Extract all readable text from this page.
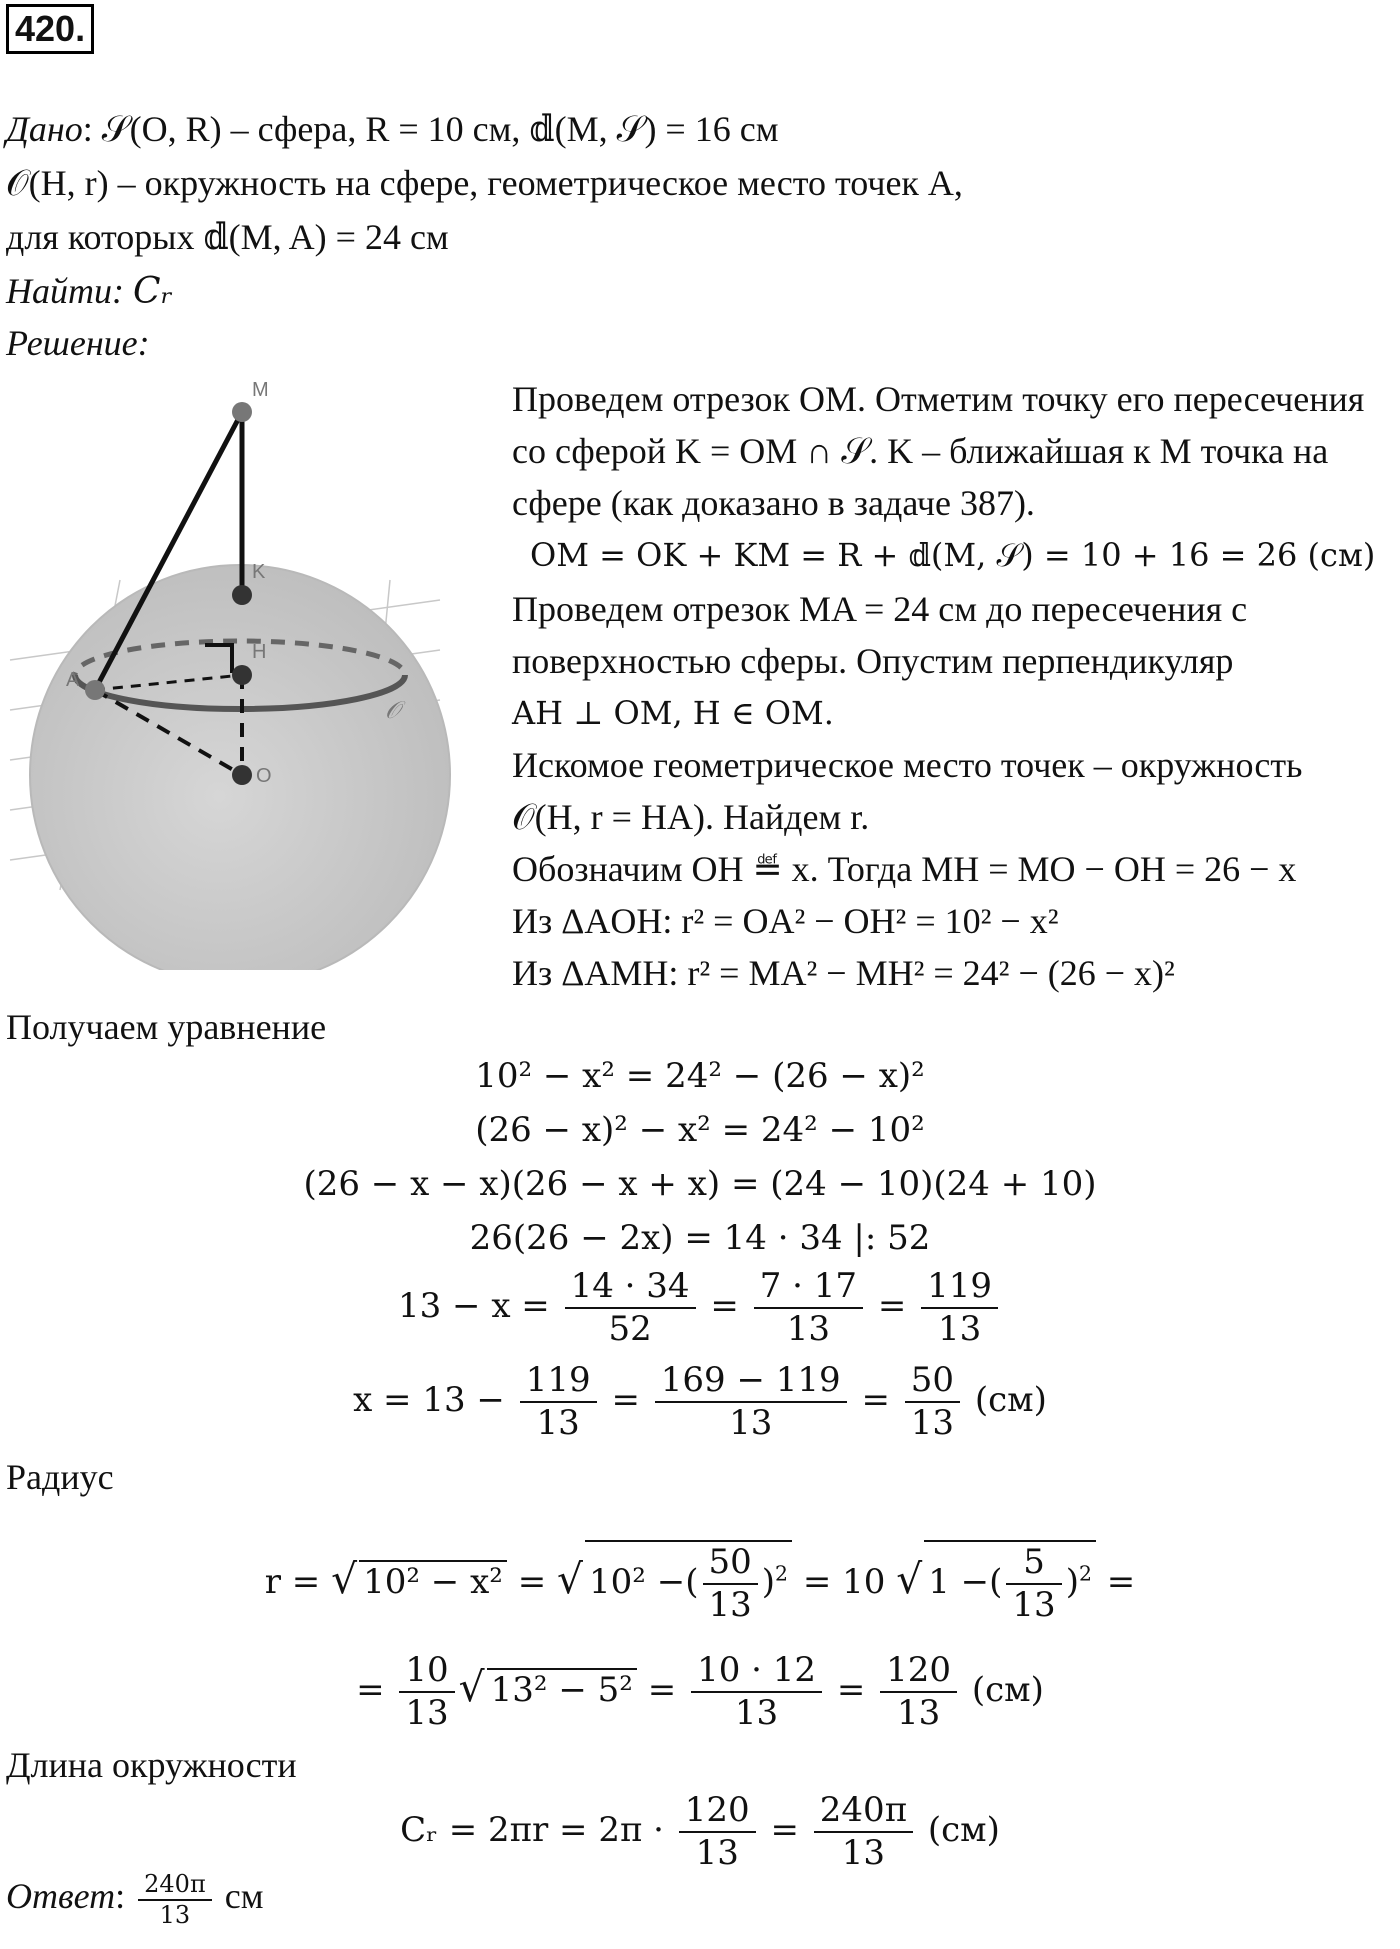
420.
Дано: 𝒮(O, R) – сфера, R = 10 см, 𝕕(M, 𝒮) = 16 см
𝒪(H, r) – окружность на сфере, геометрическое место точек A,
для которых 𝕕(M, A) = 24 см
Найти: Cᵣ
Решение:
M
K
H
A
O
𝒪
Проведем отрезок OM. Отметим точку его пересечения
со сферой K = OM ∩ 𝒮. K – ближайшая к M точка на
сфере (как доказано в задаче 387).
OM = OK + KM = R + 𝕕(M, 𝒮) = 10 + 16 = 26 (см)
Проведем отрезок MA = 24 см до пересечения с
поверхностью сферы. Опустим перпендикуляр
AH ⊥ OM, H ∈ OM.
Искомое геометрическое место точек – окружность
𝒪(H, r = HA). Найдем r.
Обозначим OH ≝ x. Тогда MH = MO − OH = 26 − x
Из ΔAOH: r² = OA² − OH² = 10² − x²
Из ΔAMH: r² = MA² − MH² = 24² − (26 − x)²
Получаем уравнение
10² − x² = 24² − (26 − x)²
(26 − x)² − x² = 24² − 10²
(26 − x − x)(26 − x + x) = (24 − 10)(24 + 10)
26(26 − 2x) = 14 · 34 |: 52
$13 - x = \frac{14 \cdot 34}{52} = \frac{7 \cdot 17}{13} = \frac{119}{13}$
$x = 13 - \frac{119}{13} = \frac{169 - 119}{13} = \frac{50}{13} (см)$
Радиус
r = √ 10² − x² = √ 10² −( $\frac{50}{13} )^2 = 10$ √ 1 −( $\frac{5}{13} )^2$ =
= $\frac{10}{13}$ √ $13^2 - 5^2 = \frac{10 \cdot 12}{13} = \frac{120}{13} (см)$
Длина окружности
Cᵣ = $2\pi r = 2\pi \cdot \frac{120}{13} = \frac{240\pi}{13} (см)$
Ответ: $\frac{240\pi}{13}$ см
